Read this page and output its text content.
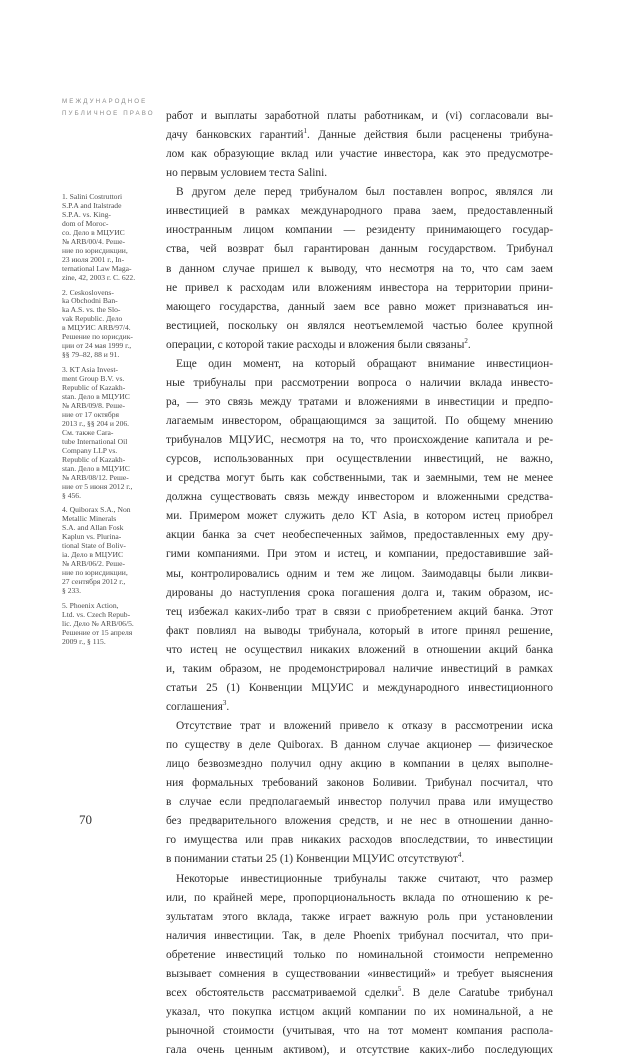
МЕЖДУНАРОДНОЕ
ПУБЛИЧНОЕ ПРАВО
1. Salini Costruttori
S.P.A and Italstrade
S.P.A. vs. King-
dom of Moroc-
co. Дело в МЦУИС
№ ARB/00/4. Реше-
ние по юрисдикции,
23 июля 2001 г., In-
ternational Law Maga-
zine, 42, 2003 г. С. 622.
2. Ceskoslovens-
ka Obchodni Ban-
ka A.S. vs. the Slo-
vak Republic. Дело
в МЦУИС ARB/97/4.
Решение по юрисдик-
ции от 24 мая 1999 г.,
§§ 79–82, 88 и 91.
3. KT Asia Invest-
ment Group B.V. vs.
Republic of Kazakh-
stan. Дело в МЦУИС
№ ARB/09/8. Реше-
ние от 17 октября
2013 г., §§ 204 и 206.
См. также Cara-
tube International Oil
Company LLP vs.
Republic of Kazakh-
stan. Дело в МЦУИС
№ ARB/08/12. Реше-
ние от 5 июня 2012 г.,
§ 456.
4. Quiborax S.A., Non
Metallic Minerals
S.A. and Allan Fosk
Kaplun vs. Plurina-
tional State of Boliv-
ia. Дело в МЦУИС
№ ARB/06/2. Реше-
ние по юрисдикции,
27 сентября 2012 г.,
§ 233.
5. Phoenix Action,
Ltd. vs. Czech Repub-
lic. Дело № ARB/06/5.
Решение от 15 апреля
2009 г., § 115.
работ и выплаты заработной платы работникам, и (vi) согласовали вы-
дачу банковских гарантий$^1$. Данные действия были расценены трибуна-
лом как образующие вклад или участие инвестора, как это предусмотре-
но первым условием теста Salini.
В другом деле перед трибуналом был поставлен вопрос, являлся ли
инвестицией в рамках международного права заем, предоставленный
иностранным лицом компании — резиденту принимающего государ-
ства, чей возврат был гарантирован данным государством. Трибунал
в данном случае пришел к выводу, что несмотря на то, что сам заем
не привел к расходам или вложениям инвестора на территории прини-
мающего государства, данный заем все равно может признаваться ин-
вестицией, поскольку он являлся неотъемлемой частью более крупной
операции, с которой такие расходы и вложения были связаны$^2$.
Еще один момент, на который обращают внимание инвестицион-
ные трибуналы при рассмотрении вопроса о наличии вклада инвесто-
ра, — это связь между тратами и вложениями в инвестиции и предпо-
лагаемым инвестором, обращающимся за защитой. По общему мнению
трибуналов МЦУИС, несмотря на то, что происхождение капитала и ре-
сурсов, использованных при осуществлении инвестиций, не важно,
и средства могут быть как собственными, так и заемными, тем не менее
должна существовать связь между инвестором и вложенными средства-
ми. Примером может служить дело KT Asia, в котором истец приобрел
акции банка за счет необеспеченных займов, предоставленных ему дру-
гими компаниями. При этом и истец, и компании, предоставившие зай-
мы, контролировались одним и тем же лицом. Заимодавцы были ликви-
дированы до наступления срока погашения долга и, таким образом, ис-
тец избежал каких-либо трат в связи с приобретением акций банка. Этот
факт повлиял на выводы трибунала, который в итоге принял решение,
что истец не осуществил никаких вложений в отношении акций банка
и, таким образом, не продемонстрировал наличие инвестиций в рамках
статьи 25 (1) Конвенции МЦУИС и международного инвестиционного
соглашения$^3$.
Отсутствие трат и вложений привело к отказу в рассмотрении иска
по существу в деле Quiborax. В данном случае акционер — физическое
лицо безвозмездно получил одну акцию в компании в целях выполне-
ния формальных требований законов Боливии. Трибунал посчитал, что
в случае если предполагаемый инвестор получил права или имущество
без предварительного вложения средств, и не нес в отношении данно-
го имущества или прав никаких расходов впоследствии, то инвестиции
в понимании статьи 25 (1) Конвенции МЦУИС отсутствуют$^4$.
Некоторые инвестиционные трибуналы также считают, что размер
или, по крайней мере, пропорциональность вклада по отношению к ре-
зультатам этого вклада, также играет важную роль при установлении
наличия инвестиции. Так, в деле Phoenix трибунал посчитал, что при-
обретение инвестиций только по номинальной стоимости непременно
вызывает сомнения в существовании «инвестиций» и требует выяснения
всех обстоятельств рассматриваемой сделки$^5$. В деле Caratube трибунал
указал, что покупка истцом акций компании по их номинальной, а не
рыночной стоимости (учитывая, что на тот момент компания распола-
гала очень ценным активом), и отсутствие каких-либо последующих
70
